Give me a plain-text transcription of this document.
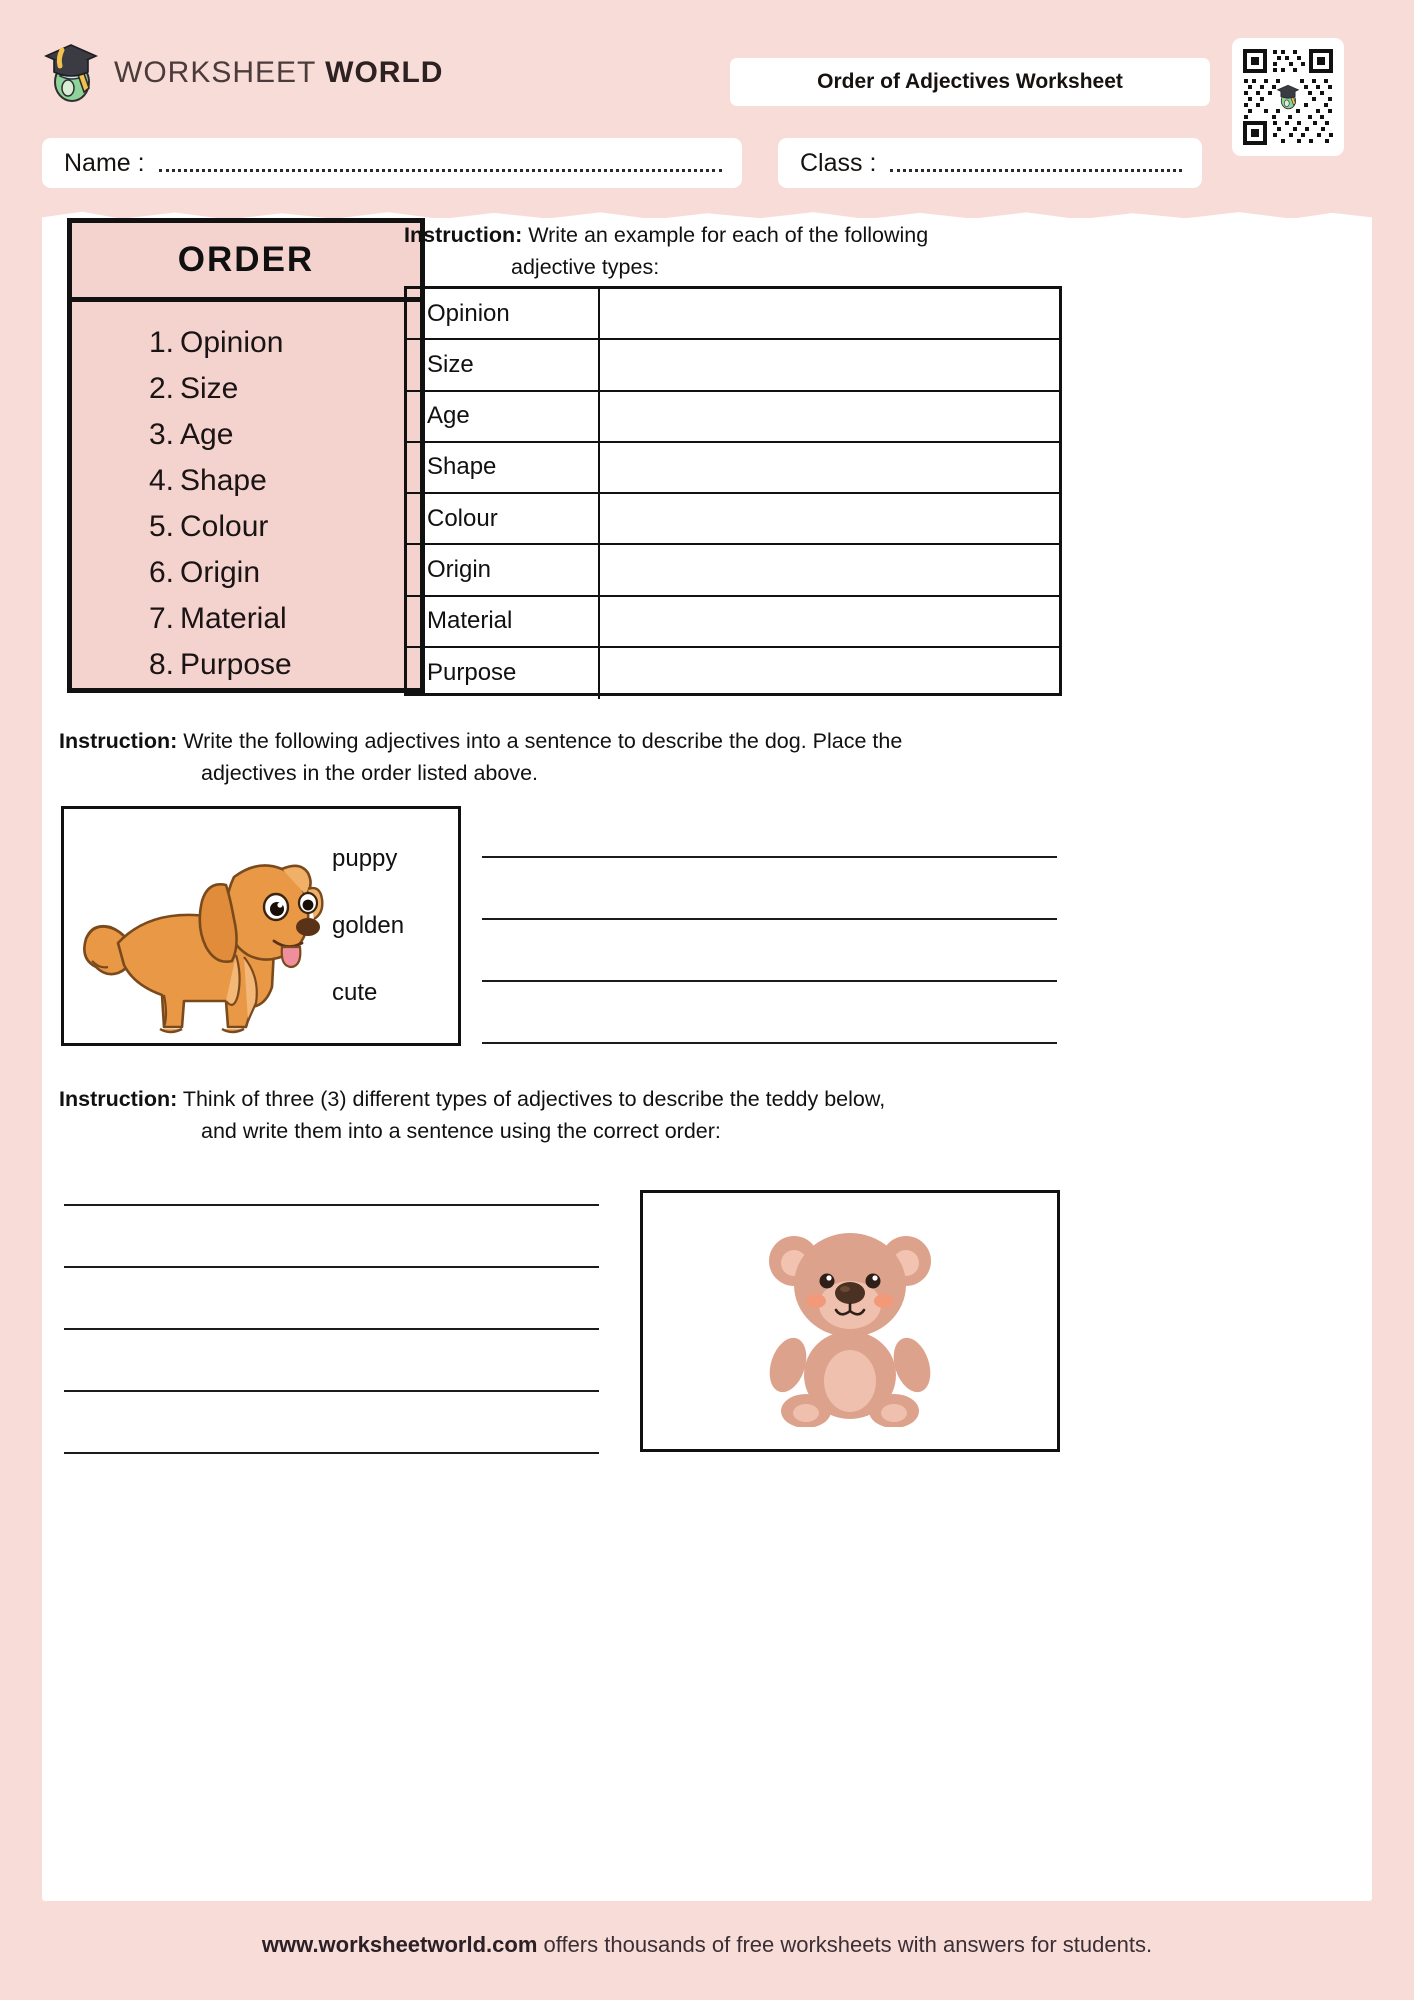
WORKSHEET WORLD	Order of Adjectives Worksheet
Name :	Class :
ORDER
1. Opinion
2. Size
3. Age
4. Shape
5. Colour
6. Origin
7. Material
8. Purpose
Instruction: Write an example for each of the following
adjective types:
Opinion
Size
Age
Shape
Colour
Origin
Material
Purpose
Instruction: Write the following adjectives into a sentence to describe the dog. Place the
adjectives in the order listed above.
puppy
golden
cute
Instruction: Think of three (3) different types of adjectives to describe the teddy below,
and write them into a sentence using the correct order:
www.worksheetworld.com offers thousands of free worksheets with answers for students.
